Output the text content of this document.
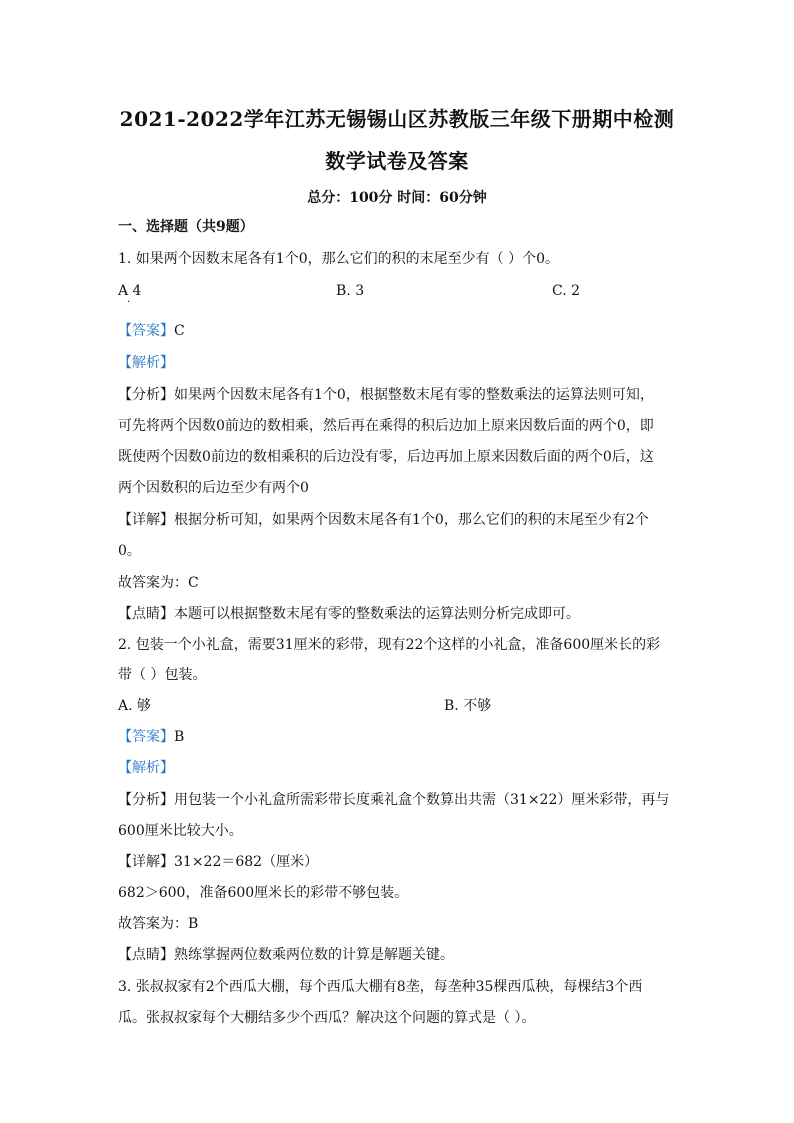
2021-2022学年江苏无锡锡山区苏教版三年级下册期中检测
数学试卷及答案
总分：100分 时间：60分钟
一、选择题（共9题）
1. 如果两个因数末尾各有1个0，那么它们的积的末尾至少有（ ）个0。
A 4
·
B. 3	C. 2
【答案】C
【解析】
【分析】如果两个因数末尾各有1个0，根据整数末尾有零的整数乘法的运算法则可知，
可先将两个因数0前边的数相乘，然后再在乘得的积后边加上原来因数后面的两个0，即
既使两个因数0前边的数相乘积的后边没有零，后边再加上原来因数后面的两个0后，这
两个因数积的后边至少有两个0
【详解】根据分析可知，如果两个因数末尾各有1个0，那么它们的积的末尾至少有2个
0。
故答案为：C
【点睛】本题可以根据整数末尾有零的整数乘法的运算法则分析完成即可。
2. 包装一个小礼盒，需要31厘米的彩带，现有22个这样的小礼盒，准备600厘米长的彩
带（ ）包装。
A. 够	B. 不够
【答案】B
【解析】
【分析】用包装一个小礼盒所需彩带长度乘礼盒个数算出共需（31×22）厘米彩带，再与
600厘米比较大小。
【详解】31×22＝682（厘米）
682＞600，准备600厘米长的彩带不够包装。
故答案为：B
【点睛】熟练掌握两位数乘两位数的计算是解题关键。
3. 张叔叔家有2个西瓜大棚，每个西瓜大棚有8垄，每垄种35棵西瓜秧，每棵结3个西
瓜。张叔叔家每个大棚结多少个西瓜？解决这个问题的算式是（ ）。
